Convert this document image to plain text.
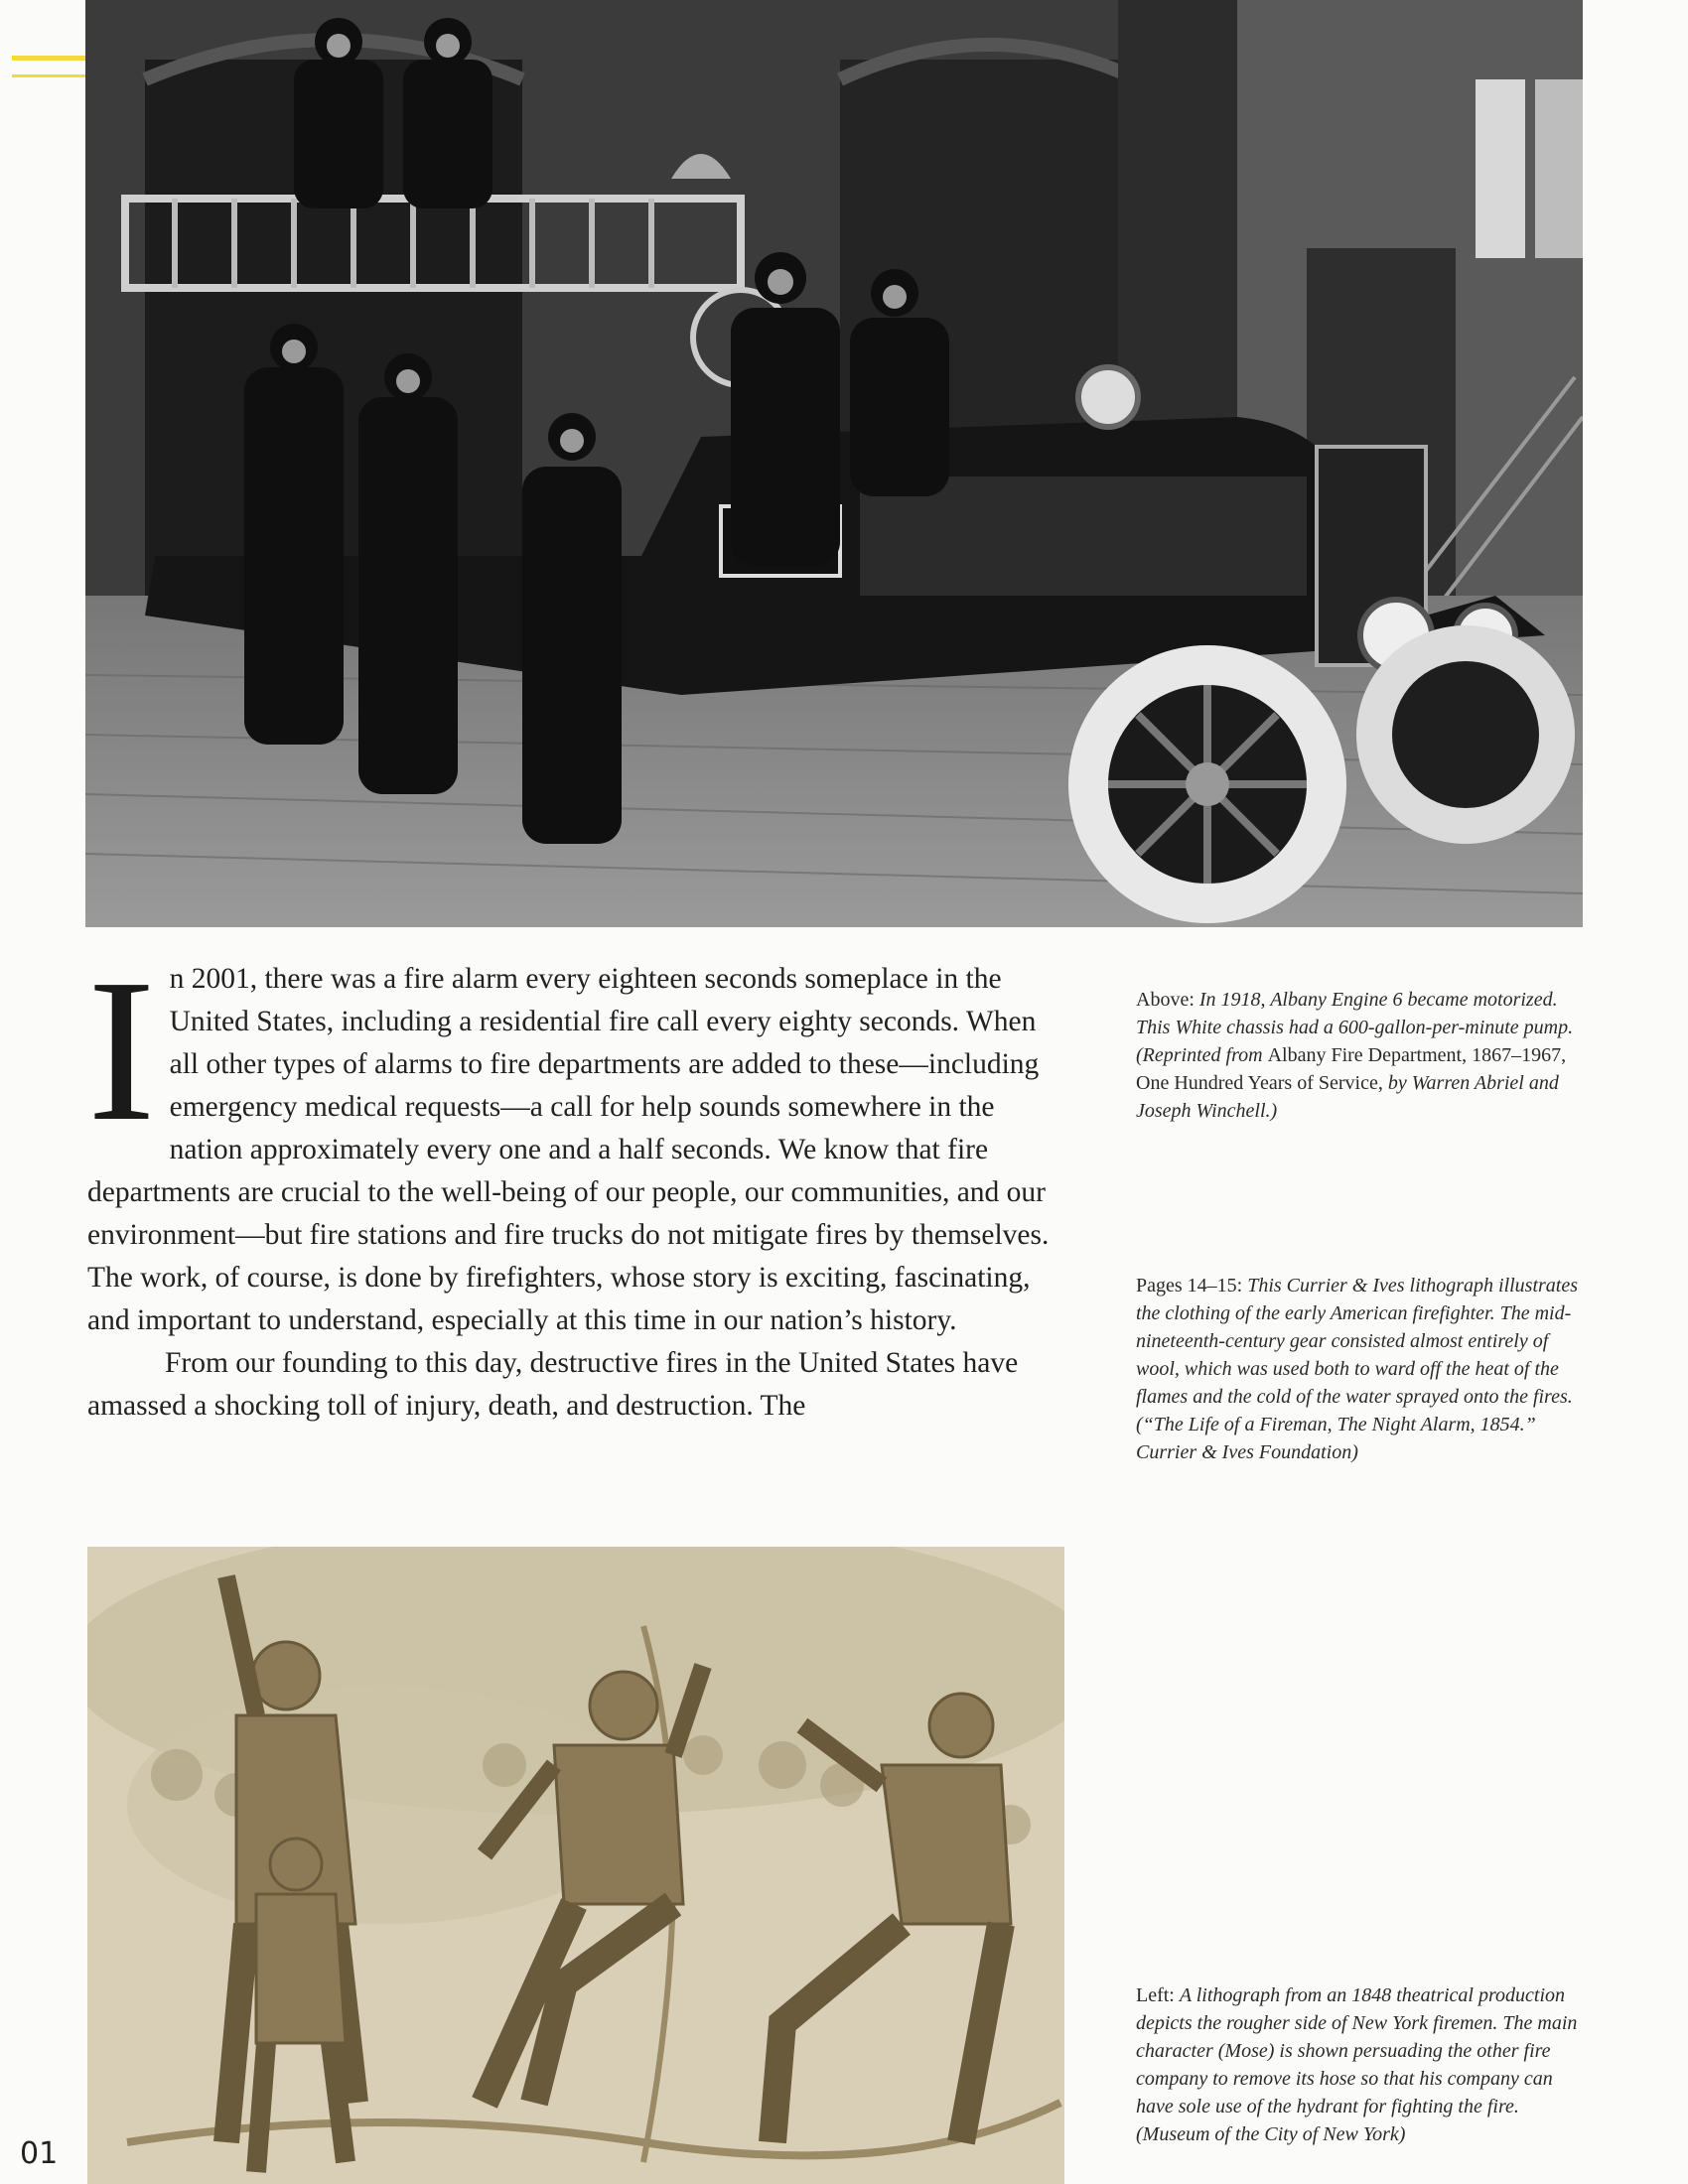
In 2001, there was a fire alarm every eighteen seconds someplace in the United States, including a residential fire call every eighty seconds. When all other types of alarms to fire departments are added to these—including emergency medical requests—a call for help sounds somewhere in the nation approximately every one and a half seconds. We know that fire departments are crucial to the well-being of our people, our communities, and our environment—but fire stations and fire trucks do not mitigate fires by themselves. The work, of course, is done by firefighters, whose story is exciting, fascinating, and important to understand, especially at this time in our nation’s history.

From our founding to this day, destructive fires in the United States have amassed a shocking toll of injury, death, and destruction. The

Above: In 1918, Albany Engine 6 became motorized. This White chassis had a 600-gallon-per-minute pump. (Reprinted from Albany Fire Department, 1867–1967, One Hundred Years of Service, by Warren Abriel and Joseph Winchell.)
Pages 14–15: This Currier & Ives lithograph illustrates the clothing of the early American firefighter. The mid-nineteenth-century gear consisted almost entirely of wool, which was used both to ward off the heat of the flames and the cold of the water sprayed onto the fires. (“The Life of a Fireman, The Night Alarm, 1854.” Currier & Ives Foundation)
Left: A lithograph from an 1848 theatrical production depicts the rougher side of New York firemen. The main character (Mose) is shown persuading the other fire company to remove its hose so that his company can have sole use of the hydrant for fighting the fire. (Museum of the City of New York)
01
